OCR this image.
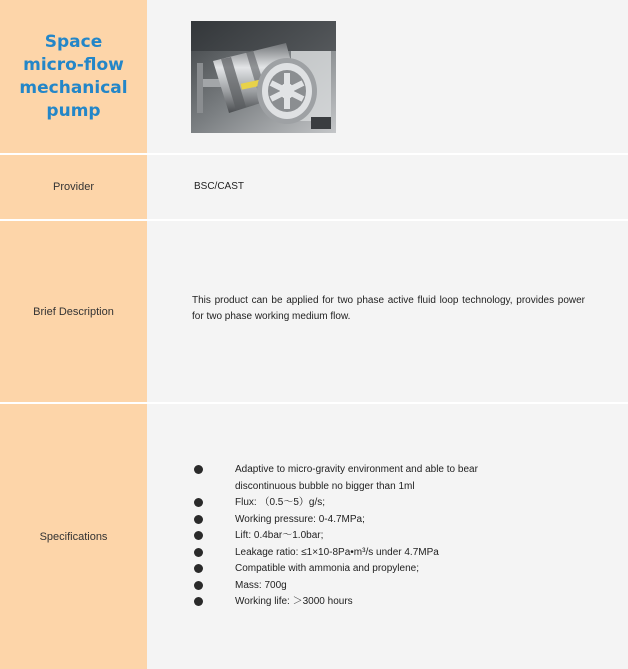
Space micro-flow mechanical pump
Provider	BSC/CAST
Brief Description
This product can be applied for two phase active fluid loop technology, provides power for two phase working medium flow.
Specifications
Adaptive to micro-gravity environment and able to bear discontinuous bubble no bigger than 1ml
Flux: （0.5～5）g/s;
Working pressure: 0-4.7MPa;
Lift: 0.4bar～1.0bar;
Leakage ratio: ≤1×10-8Pa•m³/s under 4.7MPa
Compatible with ammonia and propylene;
Mass: 700g
Working life: ＞3000 hours
